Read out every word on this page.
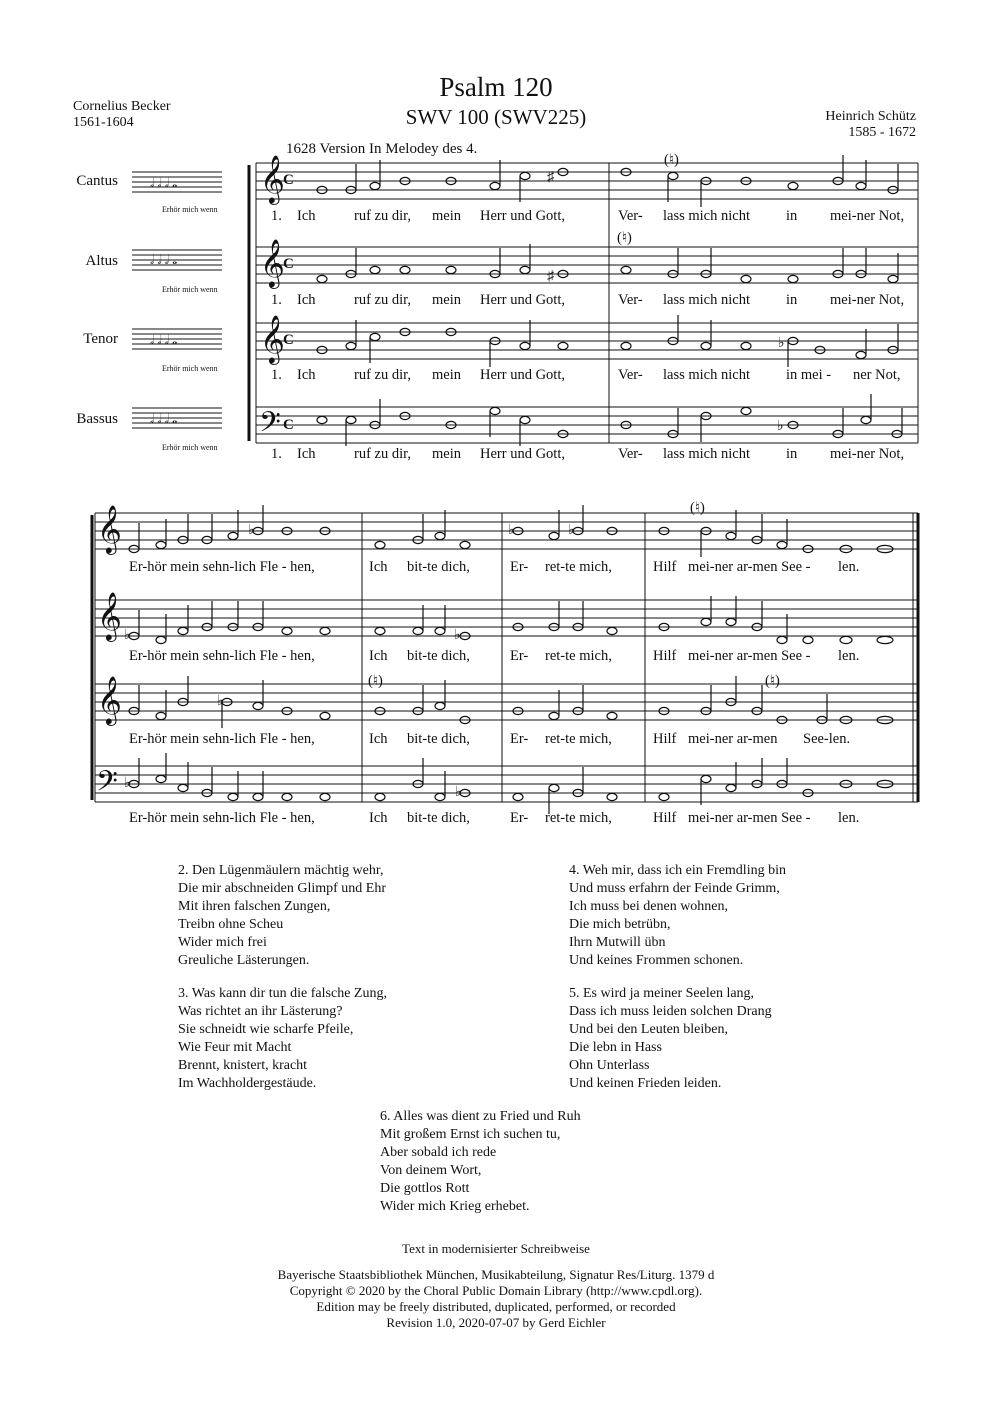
Psalm 120
SWV 100 (SWV225)
Cornelius Becker
1561-1604	Heinrich Schütz
1585 - 1672
1628 Version In Melodey des 4.
Cantus
Altus
Tenor
Bassus
𝄞
𝄞
𝄞
𝄢
𝄞
𝄞
𝄞
𝄢
C
C
C
C
𝅗𝅥 𝅗𝅥 𝅗𝅥 𝅝
𝅗𝅥 𝅗𝅥 𝅗𝅥 𝅝
𝅗𝅥 𝅗𝅥 𝅗𝅥 𝅝
𝅗𝅥 𝅗𝅥 𝅗𝅥 𝅝
♯
♯
♭
♭
♭	♭
♭
♭	♭
♭
♭
♭
(♮)
(♮)
(♮)
(♮)	(♮)
Erhör mich wenn
Erhör mich wenn
Erhör mich wenn
Erhör mich wenn
1. Ich	ruf zu dir, mein Herr und Gott,	Ver- lass mich nicht in mei-ner Not,
1. Ich	ruf zu dir, mein Herr und Gott,	Ver- lass mich nicht in mei-ner Not,
1. Ich	ruf zu dir, mein Herr und Gott,	Ver- lass mich nicht in mei - ner Not,
1. Ich	ruf zu dir, mein Herr und Gott,	Ver- lass mich nicht in mei-ner Not,
Er-hör mein sehn-lich Fle - hen,	Ich bit-te dich,	Er- ret-te mich,	Hilf mei-ner ar-men See - len.
Er-hör mein sehn-lich Fle - hen,	Ich bit-te dich,	Er- ret-te mich,	Hilf mei-ner ar-men See - len.
Er-hör mein sehn-lich Fle - hen,	Ich bit-te dich,	Er- ret-te mich,	Hilf mei-ner ar-men See-len.
Er-hör mein sehn-lich Fle - hen,	Ich bit-te dich,	Er- ret-te mich,	Hilf mei-ner ar-men See - len.
2. Den Lügenmäulern mächtig wehr,
Die mir abschneiden Glimpf und Ehr
Mit ihren falschen Zungen,
Treibn ohne Scheu
Wider mich frei
Greuliche Lästerungen.
3. Was kann dir tun die falsche Zung,
Was richtet an ihr Lästerung?
Sie schneidt wie scharfe Pfeile,
Wie Feur mit Macht
Brennt, knistert, kracht
Im Wachholdergestäude.
4. Weh mir, dass ich ein Fremdling bin
Und muss erfahrn der Feinde Grimm,
Ich muss bei denen wohnen,
Die mich betrübn,
Ihrn Mutwill übn
Und keines Frommen schonen.
5. Es wird ja meiner Seelen lang,
Dass ich muss leiden solchen Drang
Und bei den Leuten bleiben,
Die lebn in Hass
Ohn Unterlass
Und keinen Frieden leiden.
6. Alles was dient zu Fried und Ruh
Mit großem Ernst ich suchen tu,
Aber sobald ich rede
Von deinem Wort,
Die gottlos Rott
Wider mich Krieg erhebet.
Text in modernisierter Schreibweise
Bayerische Staatsbibliothek München, Musikabteilung, Signatur Res/Liturg. 1379 d
Copyright © 2020 by the Choral Public Domain Library (http://www.cpdl.org).
Edition may be freely distributed, duplicated, performed, or recorded
Revision 1.0, 2020-07-07 by Gerd Eichler
